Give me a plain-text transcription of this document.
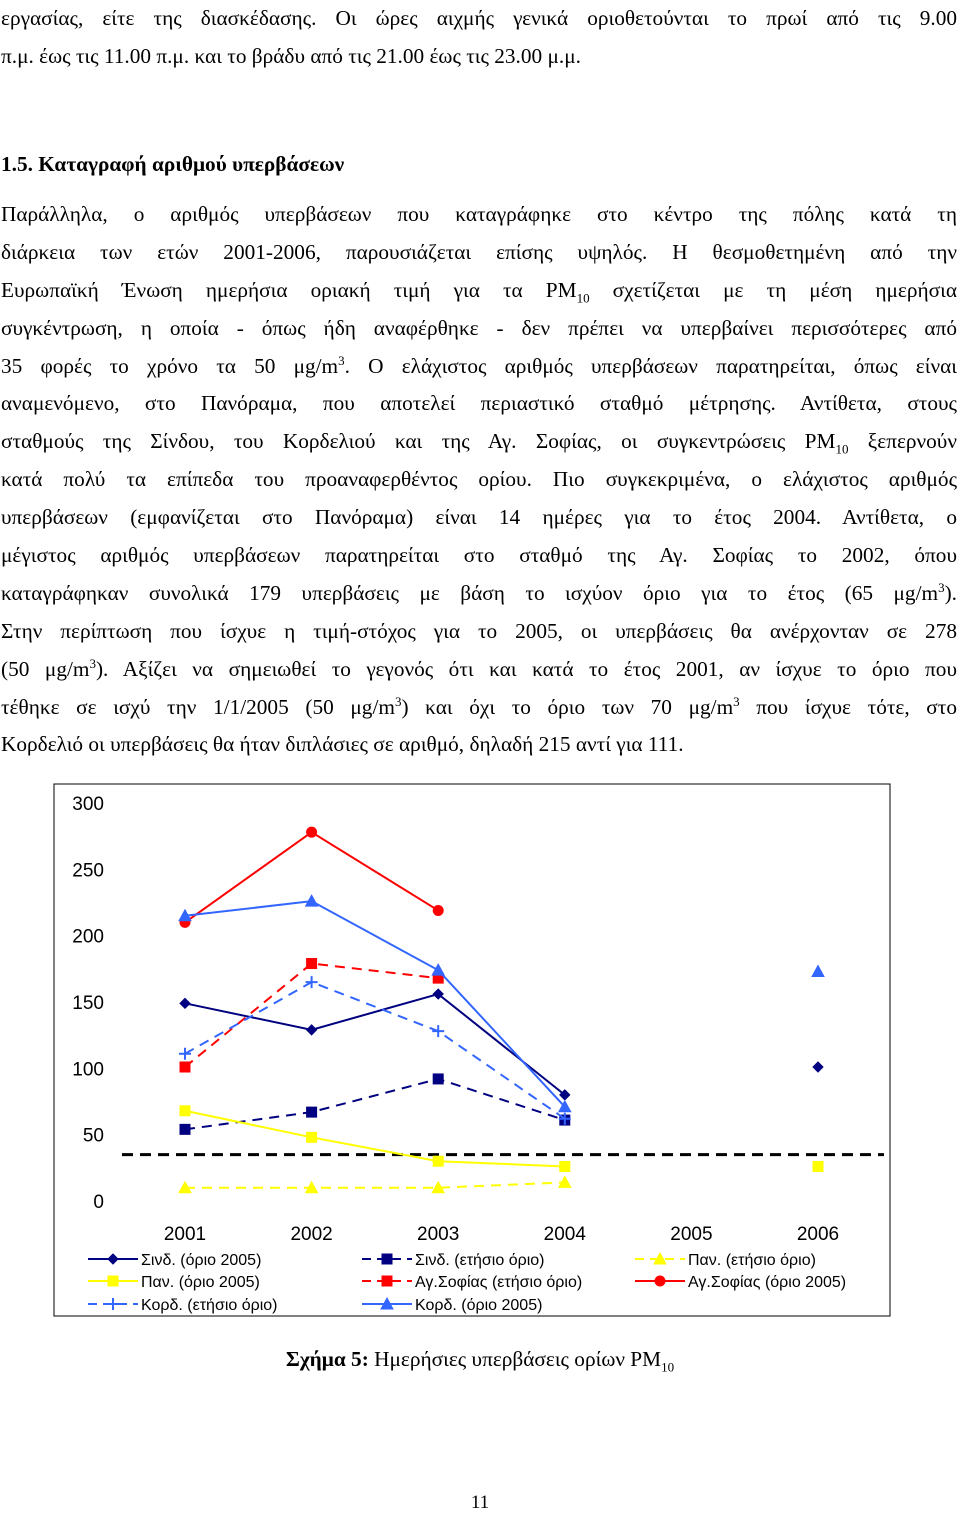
εργασίας, είτε της διασκέδασης. Οι ώρες αιχμής γενικά οριοθετούνται το πρωί από τις 9.00
π.μ. έως τις 11.00 π.μ. και το βράδυ από τις 21.00 έως τις 23.00 μ.μ.
1.5. Καταγραφή αριθμού υπερβάσεων
Παράλληλα, ο αριθμός υπερβάσεων που καταγράφηκε στο κέντρο της πόλης κατά τη
διάρκεια των ετών 2001-2006, παρουσιάζεται επίσης υψηλός. Η θεσμοθετημένη από την
Ευρωπαϊκή Ένωση ημερήσια οριακή τιμή για τα $PM_{10}$ σχετίζεται με τη μέση ημερήσια
συγκέντρωση, η οποία - όπως ήδη αναφέρθηκε - δεν πρέπει να υπερβαίνει περισσότερες από
35 φορές το χρόνο τα 50 $\mu g/m^3$. Ο ελάχιστος αριθμός υπερβάσεων παρατηρείται, όπως είναι
αναμενόμενο, στο Πανόραμα, που αποτελεί περιαστικό σταθμό μέτρησης. Αντίθετα, στους
σταθμούς της Σίνδου, του Κορδελιού και της Αγ. Σοφίας, οι συγκεντρώσεις $PM_{10}$ ξεπερνούν
κατά πολύ τα επίπεδα του προαναφερθέντος ορίου. Πιο συγκεκριμένα, ο ελάχιστος αριθμός
υπερβάσεων (εμφανίζεται στο Πανόραμα) είναι 14 ημέρες για το έτος 2004. Αντίθετα, ο
μέγιστος αριθμός υπερβάσεων παρατηρείται στο σταθμό της Αγ. Σοφίας το 2002, όπου
καταγράφηκαν συνολικά 179 υπερβάσεις με βάση το ισχύον όριο για το έτος (65 $\mu g/m^3$).
Στην περίπτωση που ίσχυε η τιμή-στόχος για το 2005, οι υπερβάσεις θα ανέρχονταν σε 278
(50 $\mu g/m^3$). Αξίζει να σημειωθεί το γεγονός ότι και κατά το έτος 2001, αν ίσχυε το όριο που
τέθηκε σε ισχύ την 1/1/2005 (50 $\mu g/m^3$) και όχι το όριο των 70 $\mu g/m^3$ που ίσχυε τότε, στο
Κορδελιό οι υπερβάσεις θα ήταν διπλάσιες σε αριθμό, δηλαδή 215 αντί για 111.
0
50
100
150
200
250
300
2001	2002	2003	2004	2005	2006
Σινδ. (όριο 2005)	Σινδ. (ετήσιο όριο)	Παν. (ετήσιο όριο)
Παν. (όριο 2005)	Αγ.Σοφίας (ετήσιο όριο)	Αγ.Σοφίας (όριο 2005)
Κορδ. (ετήσιο όριο)	Κορδ. (όριο 2005)
Σχήμα 5: Ημερήσιες υπερβάσεις ορίων $PM_{10}$
11
